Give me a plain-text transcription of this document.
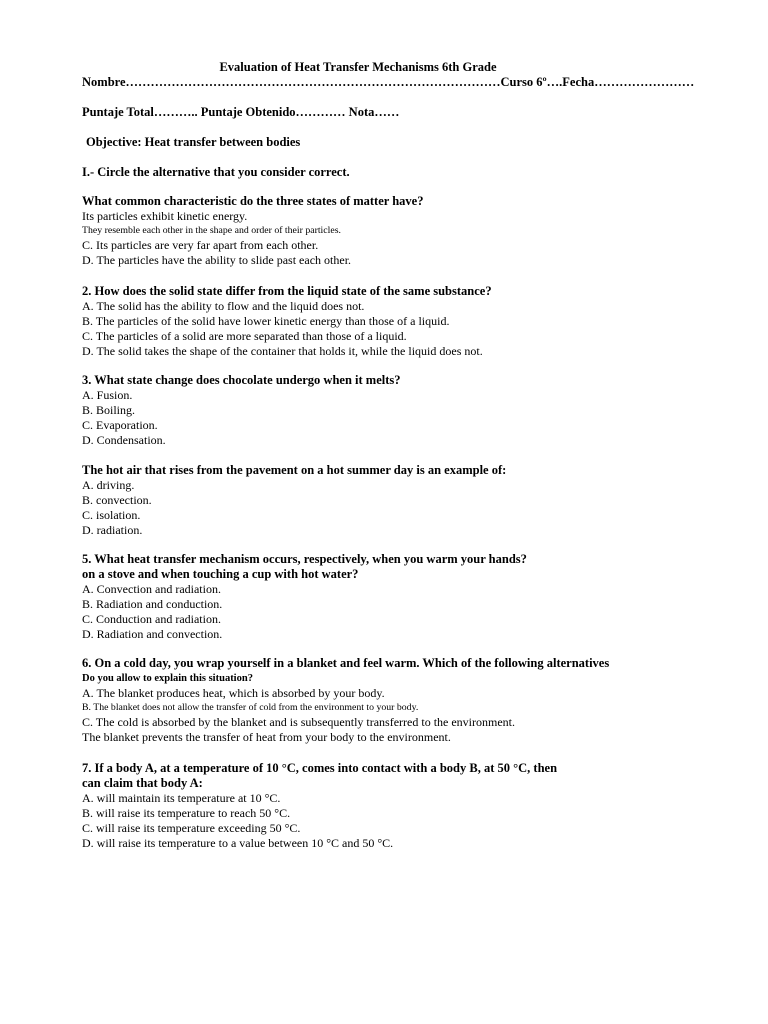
Evaluation of Heat Transfer Mechanisms 6th Grade
Nombre………………………………………………………………………………Curso 6º….Fecha……………………
Puntaje Total……….. Puntaje Obtenido………… Nota……
Objective: Heat transfer between bodies
I.- Circle the alternative that you consider correct.
What common characteristic do the three states of matter have?
Its particles exhibit kinetic energy.
They resemble each other in the shape and order of their particles.
C. Its particles are very far apart from each other.
D. The particles have the ability to slide past each other.
2. How does the solid state differ from the liquid state of the same substance?
A. The solid has the ability to flow and the liquid does not.
B. The particles of the solid have lower kinetic energy than those of a liquid.
C. The particles of a solid are more separated than those of a liquid.
D. The solid takes the shape of the container that holds it, while the liquid does not.
3. What state change does chocolate undergo when it melts?
A. Fusion.
B. Boiling.
C. Evaporation.
D. Condensation.
The hot air that rises from the pavement on a hot summer day is an example of:
A. driving.
B. convection.
C. isolation.
D. radiation.
5. What heat transfer mechanism occurs, respectively, when you warm your hands?
on a stove and when touching a cup with hot water?
A. Convection and radiation.
B. Radiation and conduction.
C. Conduction and radiation.
D. Radiation and convection.
6. On a cold day, you wrap yourself in a blanket and feel warm. Which of the following alternatives
Do you allow to explain this situation?
A. The blanket produces heat, which is absorbed by your body.
B. The blanket does not allow the transfer of cold from the environment to your body.
C. The cold is absorbed by the blanket and is subsequently transferred to the environment.
The blanket prevents the transfer of heat from your body to the environment.
7. If a body A, at a temperature of 10 °C, comes into contact with a body B, at 50 °C, then
can claim that body A:
A. will maintain its temperature at 10 °C.
B. will raise its temperature to reach 50 °C.
C. will raise its temperature exceeding 50 °C.
D. will raise its temperature to a value between 10 °C and 50 °C.
